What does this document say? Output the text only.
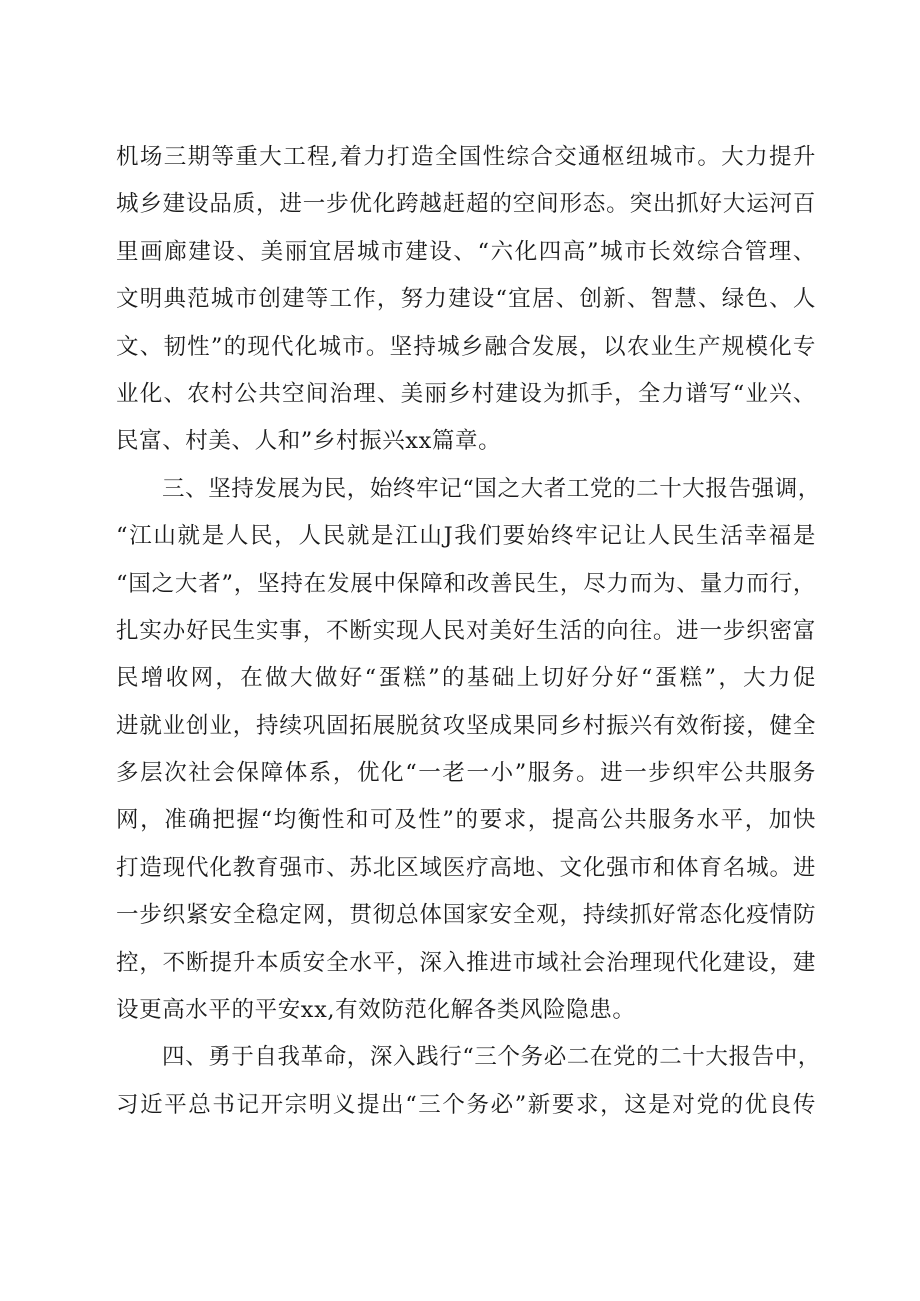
机场三期等重大工程,着力打造全国性综合交通枢纽城市。大力提升
城乡建设品质，进一步优化跨越赶超的空间形态。突出抓好大运河百
里画廊建设、美丽宜居城市建设、“六化四高”城市长效综合管理、
文明典范城市创建等工作，努力建设“宜居、创新、智慧、绿色、人
文、韧性”的现代化城市。坚持城乡融合发展，以农业生产规模化专
业化、农村公共空间治理、美丽乡村建设为抓手，全力谱写“业兴、
民富、村美、人和”乡村振兴xx篇章。
三、坚持发展为民，始终牢记“国之大者工党的二十大报告强调，
“江山就是人民，人民就是江山J我们要始终牢记让人民生活幸福是
“国之大者”，坚持在发展中保障和改善民生，尽力而为、量力而行，
扎实办好民生实事，不断实现人民对美好生活的向往。进一步织密富
民增收网，在做大做好“蛋糕”的基础上切好分好“蛋糕”，大力促
进就业创业，持续巩固拓展脱贫攻坚成果同乡村振兴有效衔接，健全
多层次社会保障体系，优化“一老一小”服务。进一步织牢公共服务
网，准确把握“均衡性和可及性”的要求，提高公共服务水平，加快
打造现代化教育强市、苏北区域医疗高地、文化强市和体育名城。进
一步织紧安全稳定网，贯彻总体国家安全观，持续抓好常态化疫情防
控，不断提升本质安全水平，深入推进市域社会治理现代化建设，建
设更高水平的平安xx,有效防范化解各类风险隐患。
四、勇于自我革命，深入践行“三个务必二在党的二十大报告中，
习近平总书记开宗明义提出“三个务必”新要求，这是对党的优良传
